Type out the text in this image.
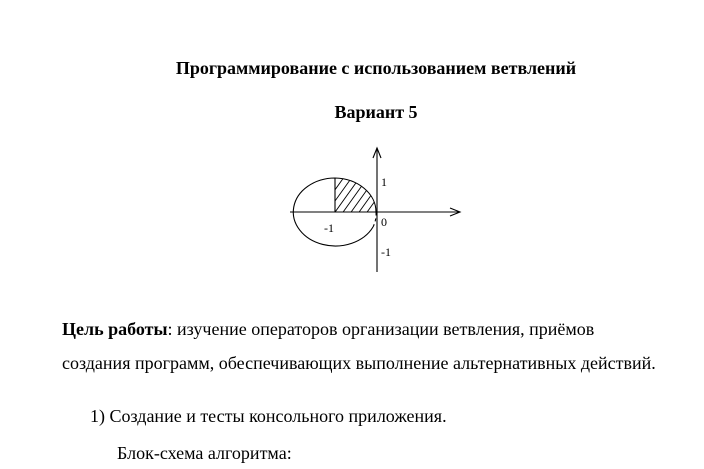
Программирование с использованием ветвлений
Вариант 5
1
-1	0
-1
Цель работы: изучение операторов организации ветвления, приёмов
создания программ, обеспечивающих выполнение альтернативных действий.
1) Создание и тесты консольного приложения.
Блок-схема алгоритма:
